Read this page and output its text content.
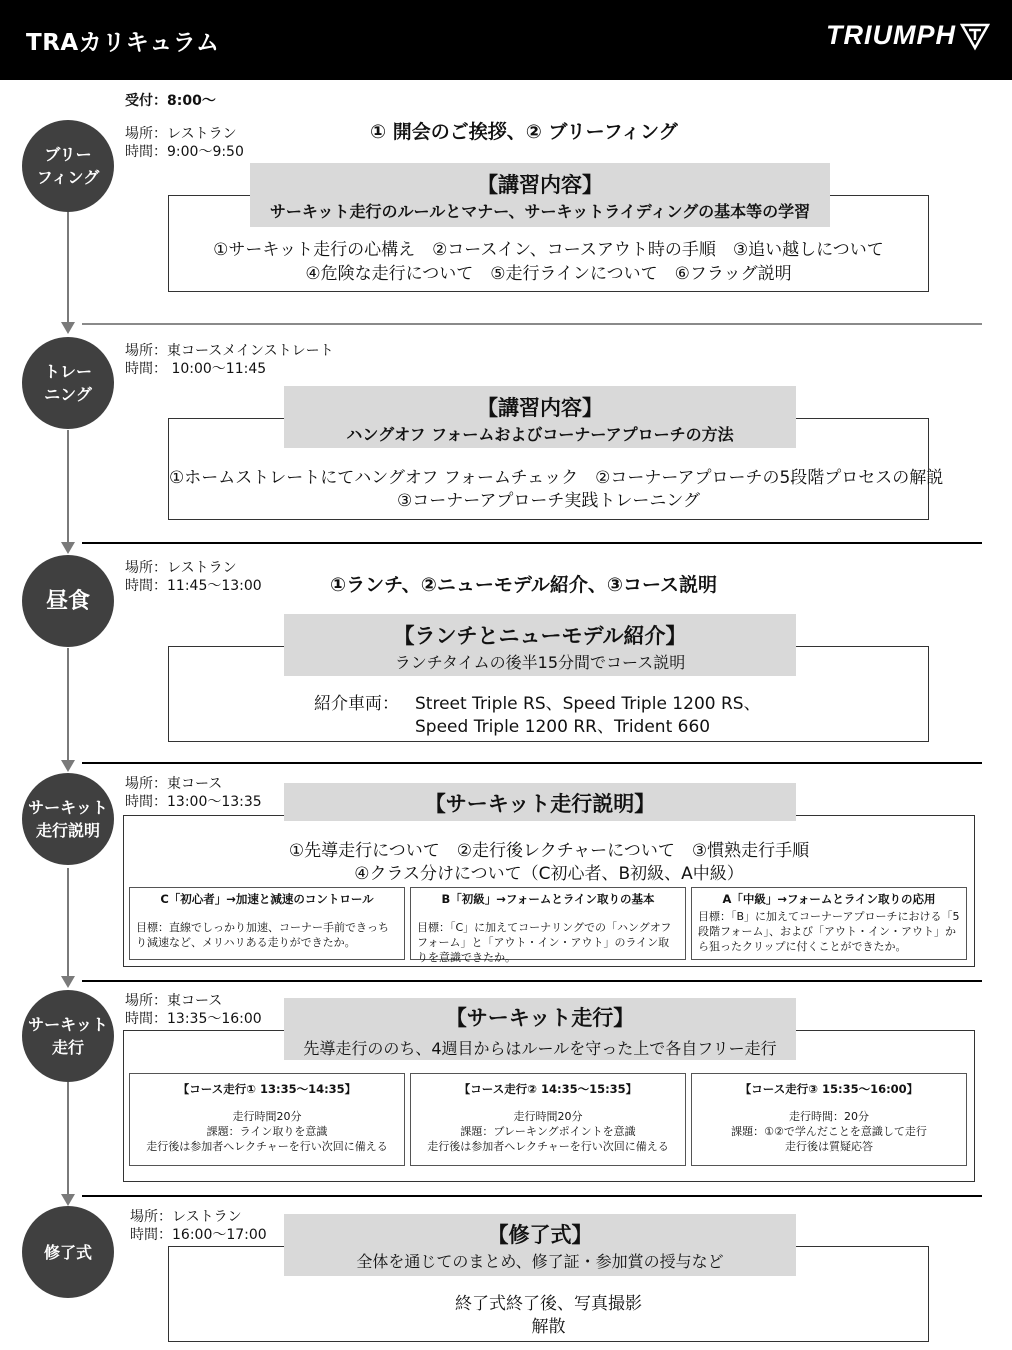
TRAカリキュラム	TRIUMPH
受付：8:00～
ブリー
フィング
場所：レストラン
時間：9:00～9:50
① 開会のご挨拶、② ブリーフィング
①サーキット走行の心構え　②コースイン、コースアウト時の手順　③追い越しについて
④危険な走行について　⑤走行ラインについて　⑥フラッグ説明
【講習内容】
サーキット走行のルールとマナー、サーキットライディングの基本等の学習
トレー
ニング
場所：東コースメインストレート
時間： 10:00～11:45
①ホームストレートにてハングオフ フォームチェック　②コーナーアプローチの5段階プロセスの解説
③コーナーアプローチ実践トレーニング
【講習内容】
ハングオフ フォームおよびコーナーアプローチの方法
昼食
場所：レストラン
時間：11:45～13:00	①ランチ、②ニューモデル紹介、③コース説明
紹介車両： Street Triple RS、Speed Triple 1200 RS、
Speed Triple 1200 RR、Trident 660
【ランチとニューモデル紹介】
ランチタイムの後半15分間でコース説明
サーキット
走行説明
場所：東コース
時間：13:00～13:35
①先導走行について　②走行後レクチャーについて　③慣熟走行手順
④クラス分けについて（C初心者、B初級、A中級）
C「初心者」→加速と減速のコントロール
目標：直線でしっかり加速、コーナー手前できっちり減速など、メリハリある走りができたか。
B「初級」→フォームとライン取りの基本
目標：「C」に加えてコーナリングでの「ハングオフフォーム」と「アウト・イン・アウト」のライン取りを意識できたか。
A「中級」→フォームとライン取りの応用
目標：「B」に加えてコーナーアプローチにおける「5段階フォーム」、および「アウト・イン・アウト」から狙ったクリップに付くことができたか。
【サーキット走行説明】
サーキット
走行
場所：東コース
時間：13:35～16:00
【コース走行① 13:35～14:35】
走行時間20分
課題：ライン取りを意識
走行後は参加者へレクチャーを行い次回に備える
【コース走行② 14:35～15:35】
走行時間20分
課題：ブレーキングポイントを意識
走行後は参加者へレクチャーを行い次回に備える
【コース走行③ 15:35～16:00】
走行時間：20分
課題：①②で学んだことを意識して走行
走行後は質疑応答
【サーキット走行】
先導走行ののち、4週目からはルールを守った上で各自フリー走行
修了式
場所：レストラン
時間：16:00～17:00
終了式終了後、写真撮影
解散
【修了式】
全体を通じてのまとめ、修了証・参加賞の授与など
